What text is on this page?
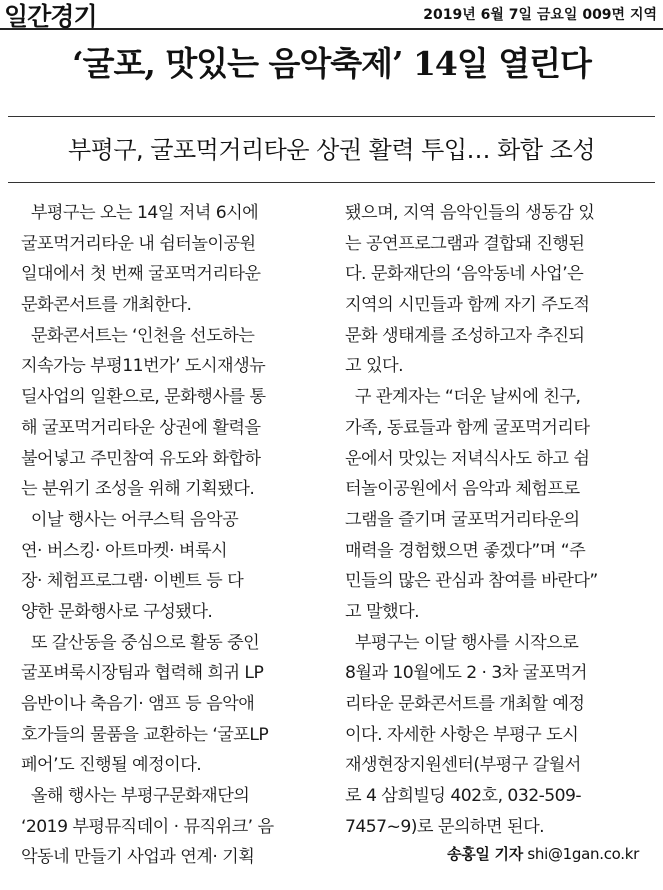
일간경기	2019년 6월 7일 금요일 009면 지역
‘굴포, 맛있는 음악축제’ 14일 열린다
부평구, 굴포먹거리타운 상권 활력 투입… 화합 조성
부평구는 오는 14일 저녁 6시에
굴포먹거리타운 내 쉼터놀이공원
일대에서 첫 번째 굴포먹거리타운
문화콘서트를 개최한다.
문화콘서트는 ‘인천을 선도하는
지속가능 부평11번가’ 도시재생뉴
딜사업의 일환으로, 문화행사를 통
해 굴포먹거리타운 상권에 활력을
불어넣고 주민참여 유도와 화합하
는 분위기 조성을 위해 기획됐다.
이날 행사는 어쿠스틱 음악공
연· 버스킹· 아트마켓· 벼룩시
장· 체험프로그램· 이벤트 등 다
양한 문화행사로 구성됐다.
또 갈산동을 중심으로 활동 중인
굴포벼룩시장팀과 협력해 희귀 LP
음반이나 축음기· 앰프 등 음악애
호가들의 물품을 교환하는 ‘굴포LP
페어’도 진행될 예정이다.
올해 행사는 부평구문화재단의
‘2019 부평뮤직데이 · 뮤직위크’ 음
악동네 만들기 사업과 연계· 기획
됐으며, 지역 음악인들의 생동감 있
는 공연프로그램과 결합돼 진행된
다. 문화재단의 ‘음악동네 사업’은
지역의 시민들과 함께 자기 주도적
문화 생태계를 조성하고자 추진되
고 있다.
구 관계자는 “더운 날씨에 친구,
가족, 동료들과 함께 굴포먹거리타
운에서 맛있는 저녁식사도 하고 쉼
터놀이공원에서 음악과 체험프로
그램을 즐기며 굴포먹거리타운의
매력을 경험했으면 좋겠다”며 “주
민들의 많은 관심과 참여를 바란다”
고 말했다.
부평구는 이달 행사를 시작으로
8월과 10월에도 2 · 3차 굴포먹거
리타운 문화콘서트를 개최할 예정
이다. 자세한 사항은 부평구 도시
재생현장지원센터(부평구 갈월서
로 4 삼희빌딩 402호, 032-509-
7457~9)로 문의하면 된다.
송홍일 기자 shi@1gan.co.kr
